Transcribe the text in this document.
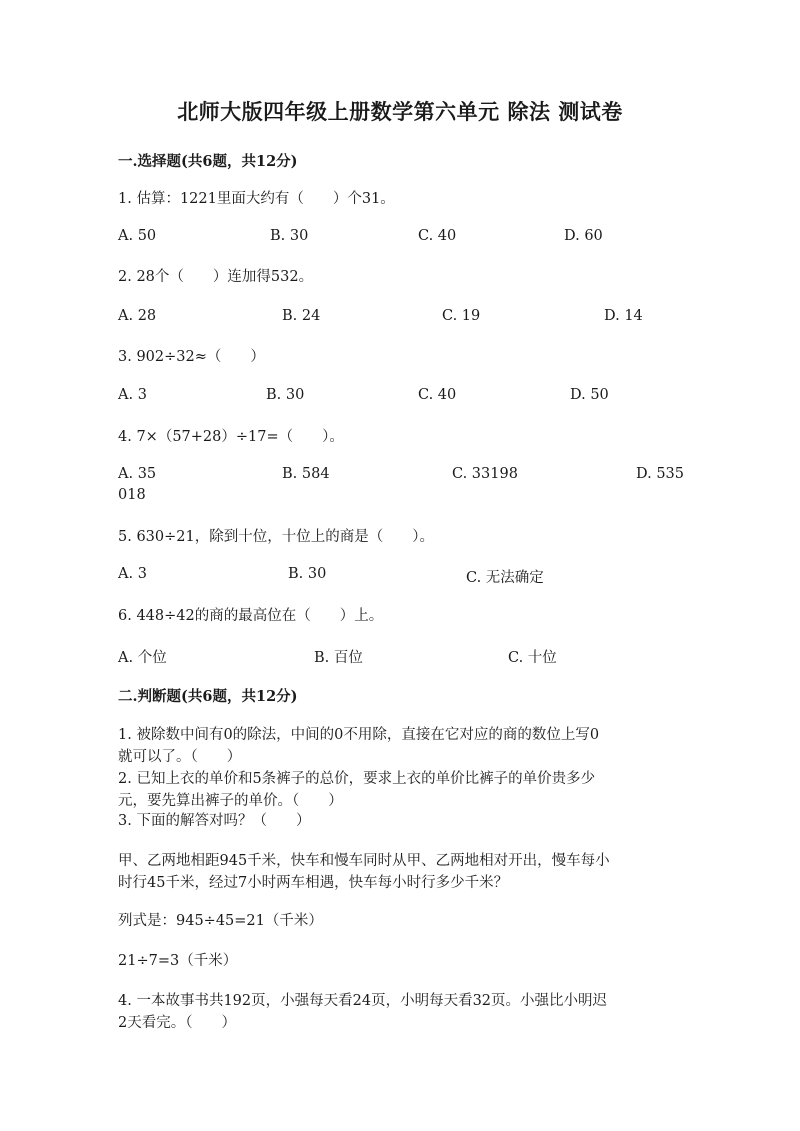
北师大版四年级上册数学第六单元 除法 测试卷
一.选择题(共6题，共12分)
1. 估算：1221里面大约有（　　）个31。
A. 50	B. 30	C. 40	D. 60
2. 28个（　　）连加得532。
A. 28	B. 24	C. 19	D. 14
3. 902÷32≈（　　）
A. 3	B. 30	C. 40	D. 50
4. 7×（57+28）÷17=（　　）。
A. 35	B. 584	C. 33198	D. 535
018
5. 630÷21，除到十位，十位上的商是（　　）。
A. 3	B. 30	C. 无法确定
6. 448÷42的商的最高位在（　　）上。
A. 个位	B. 百位	C. 十位
二.判断题(共6题，共12分)
1. 被除数中间有0的除法，中间的0不用除，直接在它对应的商的数位上写0
就可以了。（　　）
2. 已知上衣的单价和5条裤子的总价，要求上衣的单价比裤子的单价贵多少
元，要先算出裤子的单价。（　　）
3. 下面的解答对吗？（　　）
甲、乙两地相距945千米，快车和慢车同时从甲、乙两地相对开出，慢车每小
时行45千米，经过7小时两车相遇，快车每小时行多少千米？
列式是：945÷45=21（千米）
21÷7=3（千米）
4. 一本故事书共192页，小强每天看24页，小明每天看32页。小强比小明迟
2天看完。（　　）
